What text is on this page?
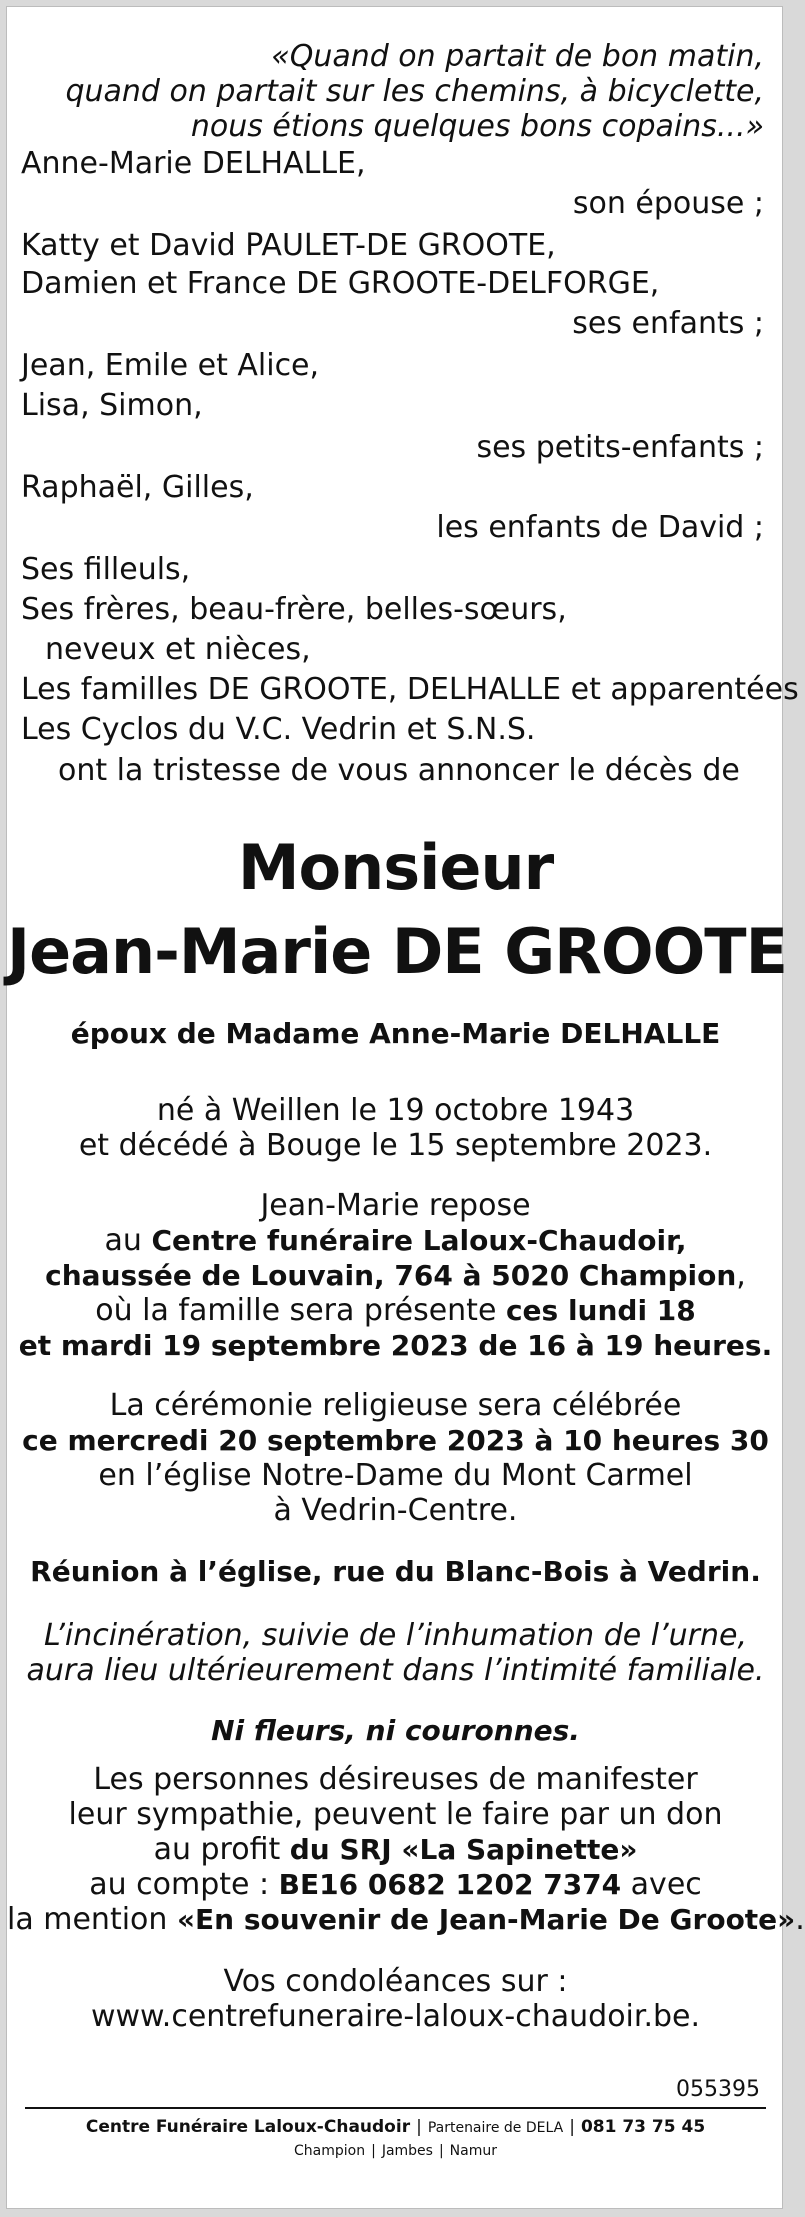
«Quand on partait de bon matin,
quand on partait sur les chemins, à bicyclette,
nous étions quelques bons copains...»
Anne-Marie DELHALLE,
son épouse ;
Katty et David PAULET-DE GROOTE,
Damien et France DE GROOTE-DELFORGE,
ses enfants ;
Jean, Emile et Alice,
Lisa, Simon,
ses petits-enfants ;
Raphaël, Gilles,
les enfants de David ;
Ses filleuls,
Ses frères, beau-frère, belles-sœurs,
neveux et nièces,
Les familles DE GROOTE, DELHALLE et apparentées
Les Cyclos du V.C. Vedrin et S.N.S.
ont la tristesse de vous annoncer le décès de
Monsieur
Jean-Marie DE GROOTE
époux de Madame Anne-Marie DELHALLE
né à Weillen le 19 octobre 1943
et décédé à Bouge le 15 septembre 2023.
Jean-Marie repose
au Centre funéraire Laloux-Chaudoir,
chaussée de Louvain, 764 à 5020 Champion,
où la famille sera présente ces lundi 18
et mardi 19 septembre 2023 de 16 à 19 heures.
La cérémonie religieuse sera célébrée
ce mercredi 20 septembre 2023 à 10 heures 30
en l’église Notre-Dame du Mont Carmel
à Vedrin-Centre.
Réunion à l’église, rue du Blanc-Bois à Vedrin.
L’incinération, suivie de l’inhumation de l’urne,
aura lieu ultérieurement dans l’intimité familiale.
Ni fleurs, ni couronnes.
Les personnes désireuses de manifester
leur sympathie, peuvent le faire par un don
au profit du SRJ «La Sapinette»
au compte : BE16 0682 1202 7374 avec
la mention «En souvenir de Jean-Marie De Groote».
Vos condoléances sur :
www.centrefuneraire-laloux-chaudoir.be.
055395
Centre Funéraire Laloux-Chaudoir | Partenaire de DELA | 081 73 75 45
Champion | Jambes | Namur
